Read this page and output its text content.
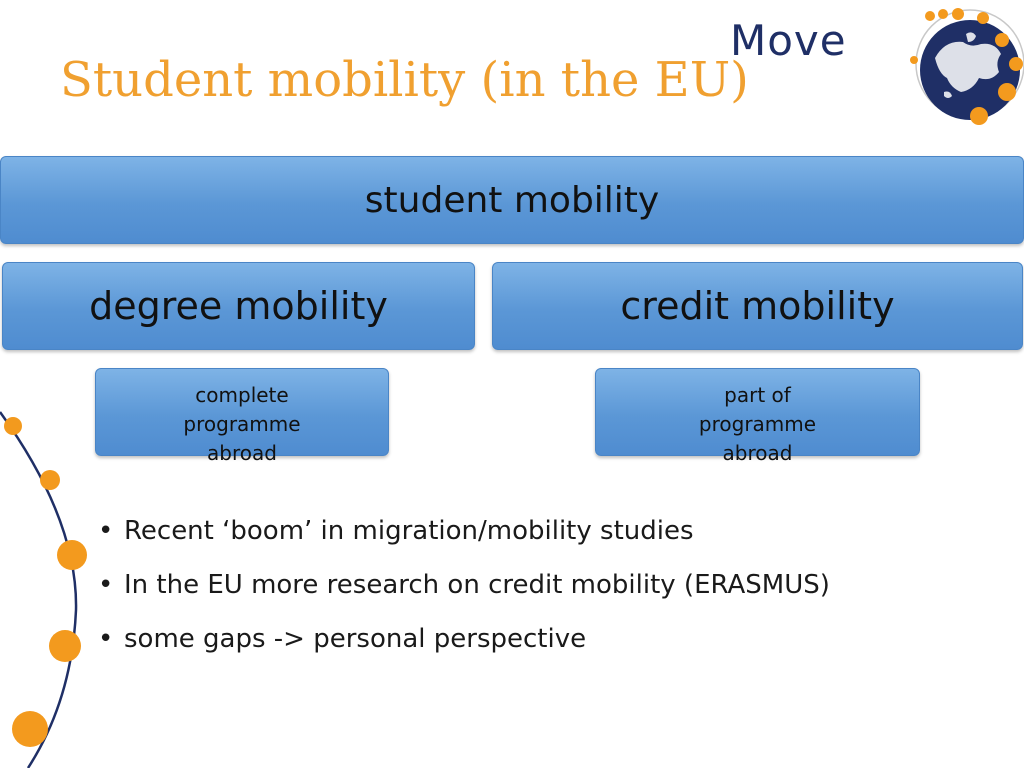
Move
Student mobility (in the EU)
student mobility
degree mobility	credit mobility
complete programme abroad
part of programme abroad
• Recent ‘boom’ in migration/mobility studies
• In the EU more research on credit mobility (ERASMUS)
• some gaps -> personal perspective
